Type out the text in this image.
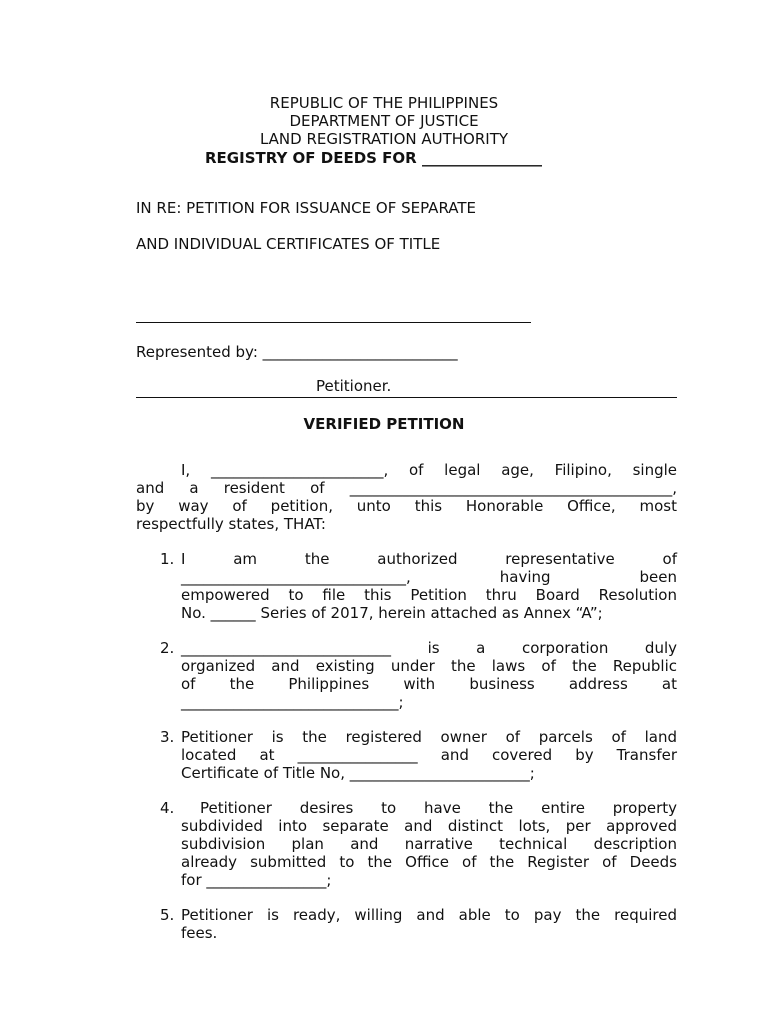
REPUBLIC OF THE PHILIPPINES
DEPARTMENT OF JUSTICE
LAND REGISTRATION AUTHORITY
REGISTRY OF DEEDS FOR ________________
IN RE: PETITION FOR ISSUANCE OF SEPARATE
AND INDIVIDUAL CERTIFICATES OF TITLE
Represented by: __________________________
Petitioner.
VERIFIED PETITION
I, _______________________, of legal age, Filipino, single
and a resident of ___________________________________________,
by way of petition, unto this Honorable Office, most
respectfully states, THAT:
1. I am the authorized representative of
______________________________, having been
empowered to file this Petition thru Board Resolution
No. ______ Series of 2017, herein attached as Annex “A”;
2. ____________________________ is a corporation duly
organized and existing under the laws of the Republic
of the Philippines with business address at
_____________________________;
3. Petitioner is the registered owner of parcels of land
located at ________________ and covered by Transfer
Certificate of Title No, ________________________;
4. Petitioner desires to have the entire property
subdivided into separate and distinct lots, per approved
subdivision plan and narrative technical description
already submitted to the Office of the Register of Deeds
for ________________;
5. Petitioner is ready, willing and able to pay the required
fees.
